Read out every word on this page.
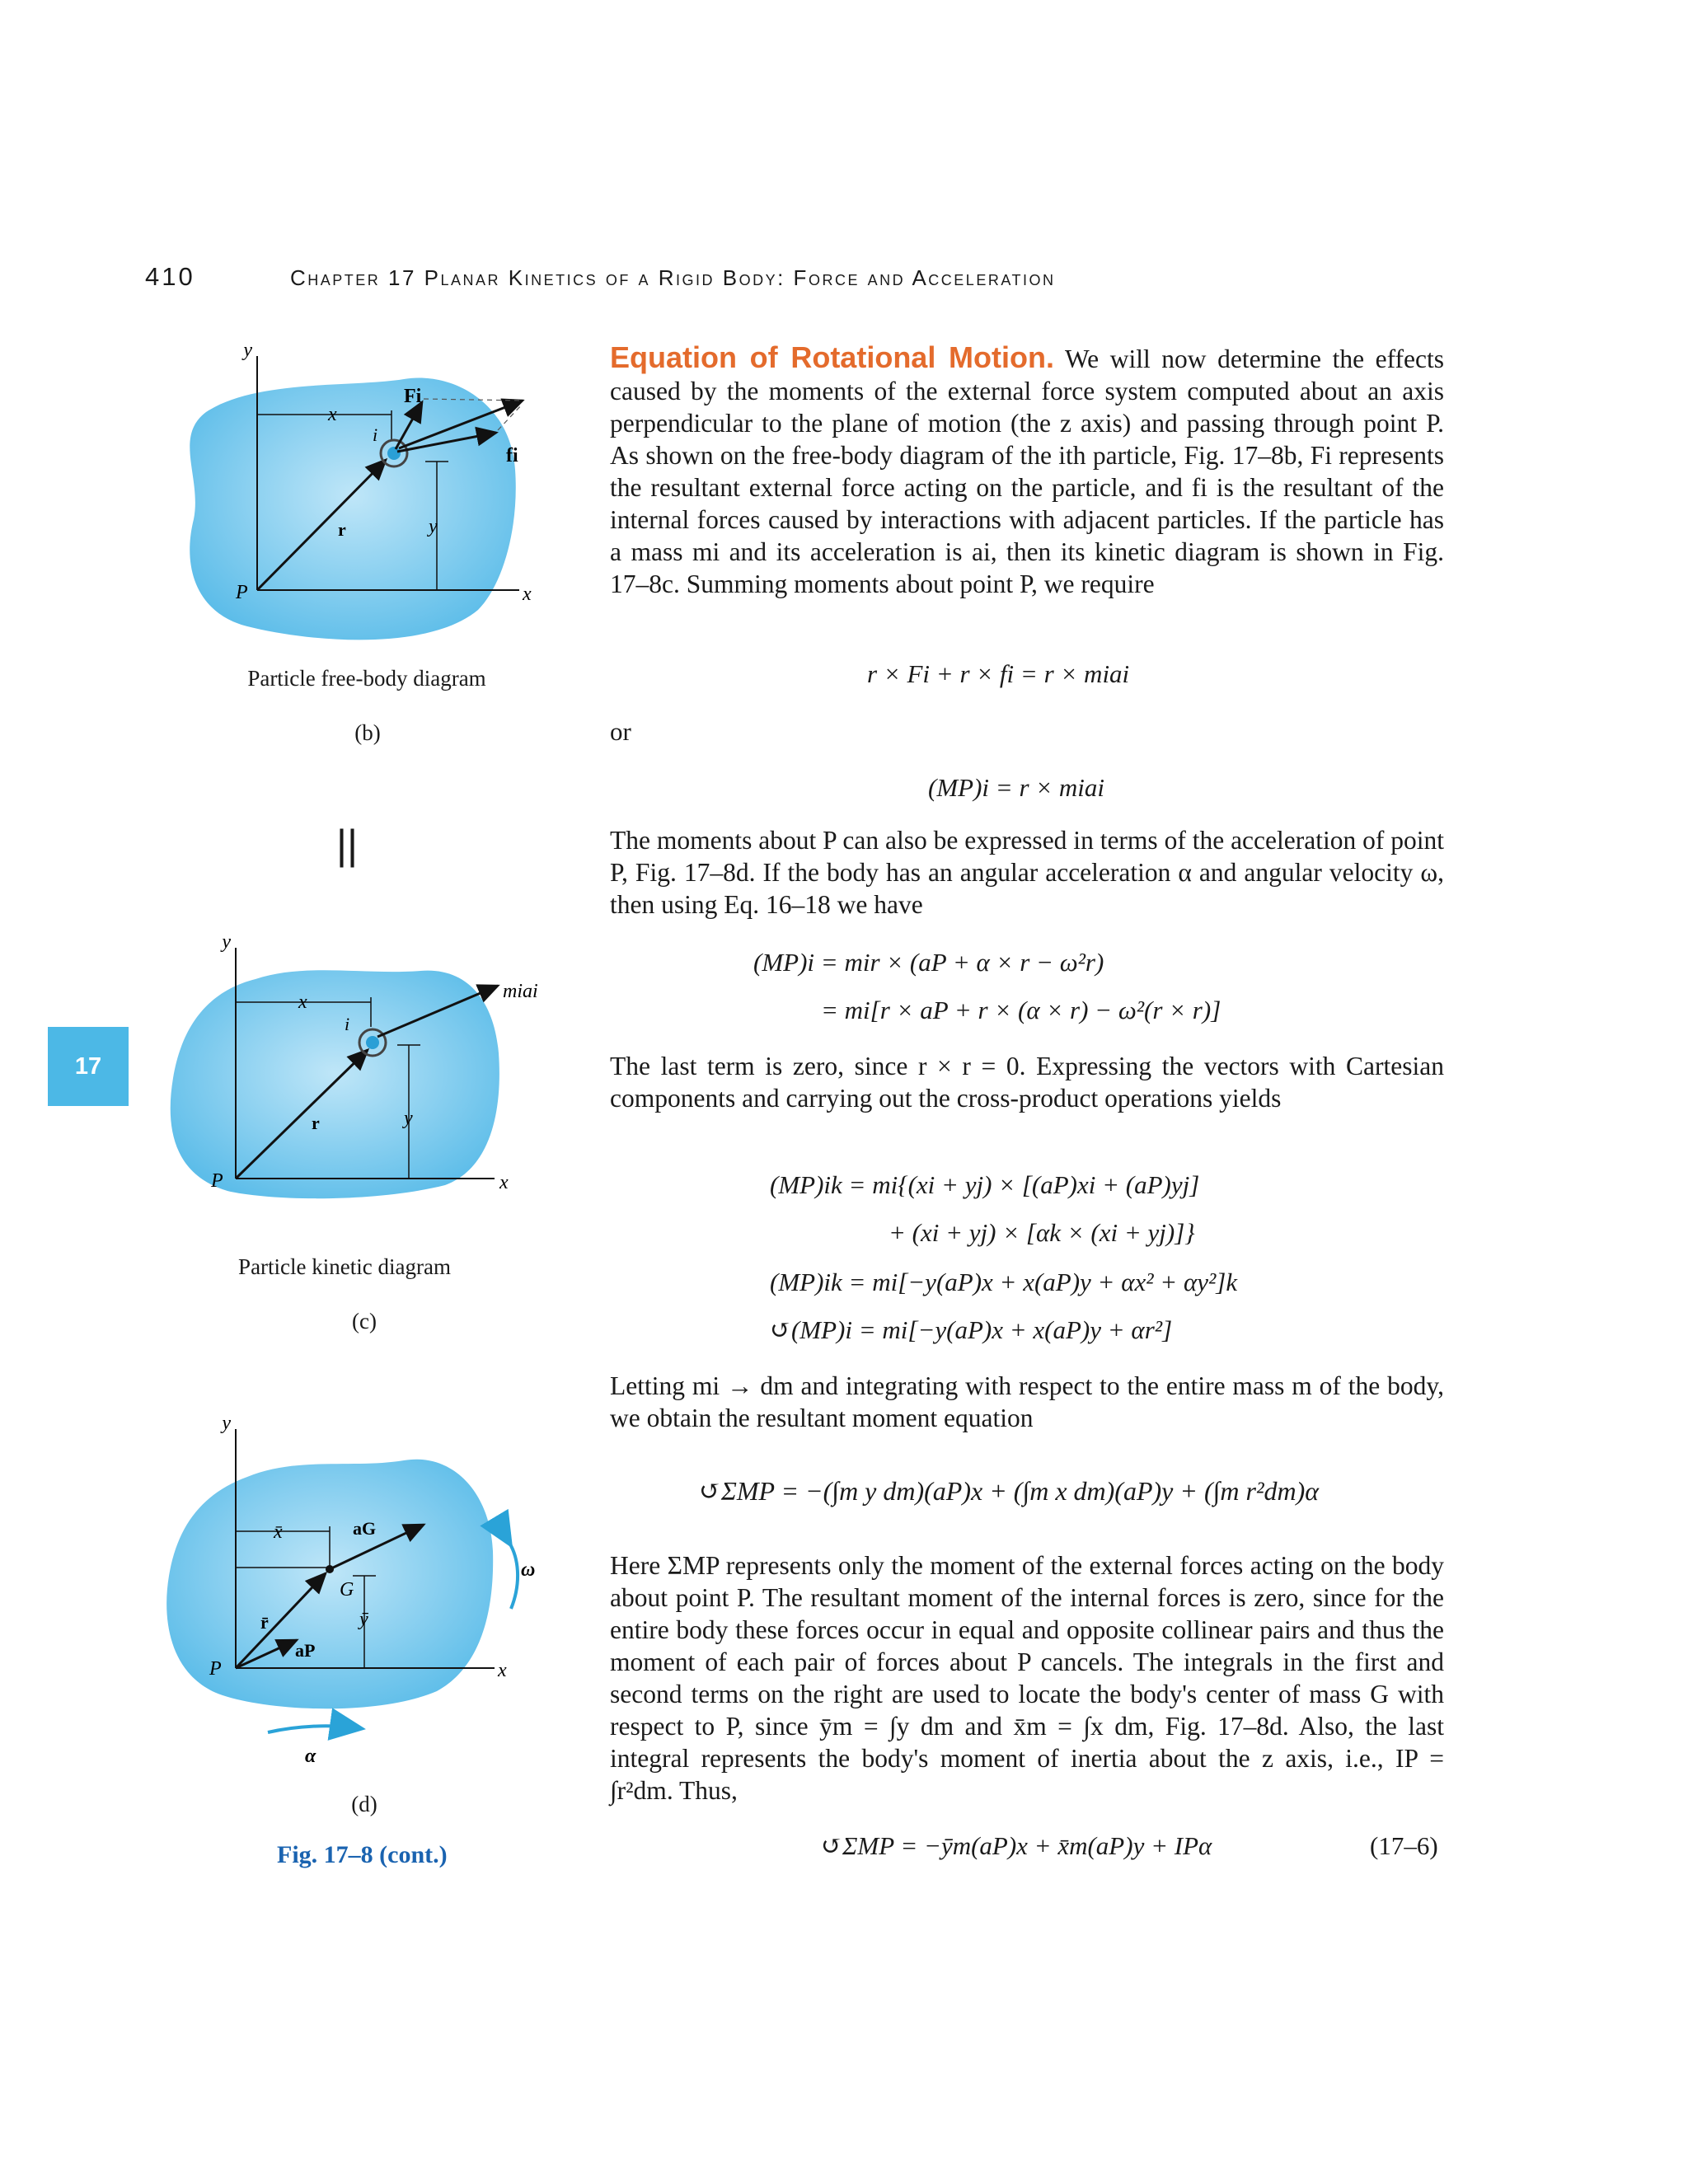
410	Chapter 17 Planar Kinetics of a Rigid Body: Force and Acceleration
17
y
x
Fi
i
fi
r	y
P	x
Particle free-body diagram
(b)
||
y
x
i
miai
r	y
P	x
Particle kinetic diagram
(c)
y
x̄	aG
G
r̄	ȳ
aP
P	x
ω
α
(d)
Fig. 17–8 (cont.)
Equation of Rotational Motion. We will now determine the effects caused by the moments of the external force system computed about an axis perpendicular to the plane of motion (the z axis) and passing through point P. As shown on the free-body diagram of the ith particle, Fig. 17–8b, Fi represents the resultant external force acting on the particle, and fi is the resultant of the internal forces caused by interactions with adjacent particles. If the particle has a mass mi and its acceleration is ai, then its kinetic diagram is shown in Fig. 17–8c. Summing moments about point P, we require
r × Fi + r × fi = r × miai
or
(MP)i = r × miai
The moments about P can also be expressed in terms of the acceleration of point P, Fig. 17–8d. If the body has an angular acceleration α and angular velocity ω, then using Eq. 16–18 we have
(MP)i = mir × (aP + α × r − ω²r)
= mi[r × aP + r × (α × r) − ω²(r × r)]
The last term is zero, since r × r = 0. Expressing the vectors with Cartesian components and carrying out the cross-product operations yields
(MP)ik = mi{(xi + yj) × [(aP)xi + (aP)yj]
+ (xi + yj) × [αk × (xi + yj)]}
(MP)ik = mi[−y(aP)x + x(aP)y + αx² + αy²]k
↺(MP)i = mi[−y(aP)x + x(aP)y + αr²]
Letting mi → dm and integrating with respect to the entire mass m of the body, we obtain the resultant moment equation
↺ΣMP = −(∫m y dm)(aP)x + (∫m x dm)(aP)y + (∫m r²dm)α
Here ΣMP represents only the moment of the external forces acting on the body about point P. The resultant moment of the internal forces is zero, since for the entire body these forces occur in equal and opposite collinear pairs and thus the moment of each pair of forces about P cancels. The integrals in the first and second terms on the right are used to locate the body's center of mass G with respect to P, since ȳm = ∫y dm and x̄m = ∫x dm, Fig. 17–8d. Also, the last integral represents the body's moment of inertia about the z axis, i.e., IP = ∫r²dm. Thus,
↺ΣMP = −ȳm(aP)x + x̄m(aP)y + IPα	(17–6)
